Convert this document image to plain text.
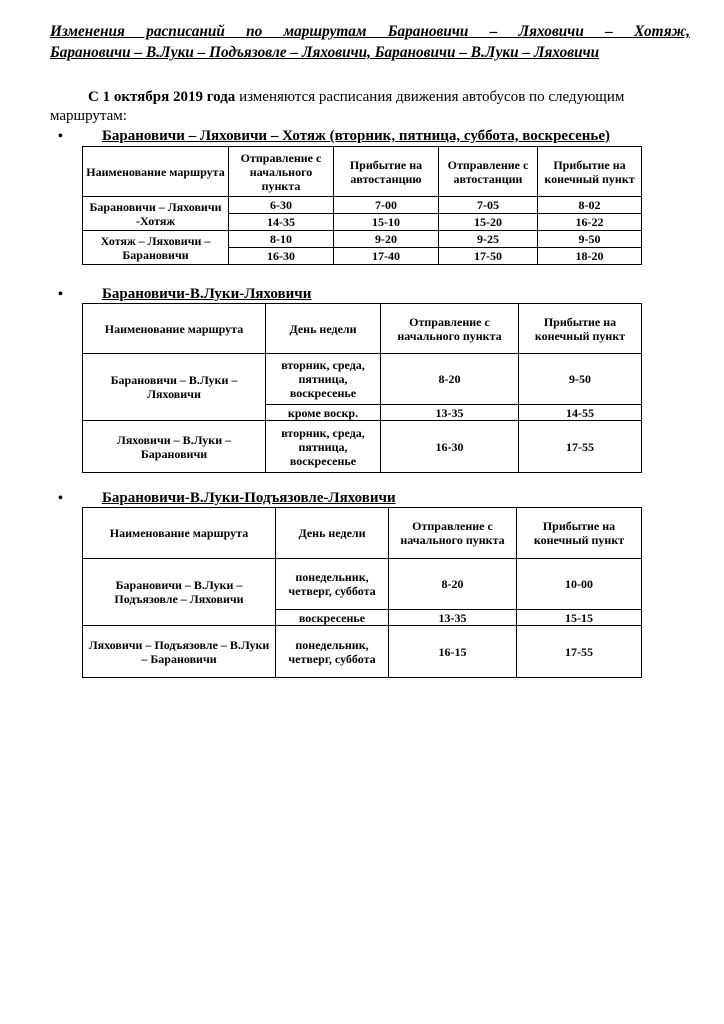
Изменения расписаний по маршрутам Барановичи – Ляховичи – Хотяж,
Барановичи – В.Луки – Подъязовле – Ляховичи, Барановичи – В.Луки – Ляховичи
С 1 октября 2019 года изменяются расписания движения автобусов по следующим
маршрутам:
•	Барановичи – Ляховичи – Хотяж (вторник, пятница, суббота, воскресенье)
Наименование маршрута	Отправление с начального пункта	Прибытие на автостанцию	Отправление с автостанции	Прибытие на конечный пункт
Барановичи – Ляховичи -Хотяж	6-30	7-00	7-05	8-02
	14-35	15-10	15-20	16-22
Хотяж – Ляховичи – Барановичи	8-10	9-20	9-25	9-50
	16-30	17-40	17-50	18-20
•	Барановичи-В.Луки-Ляховичи
Наименование маршрута	День недели	Отправление с начального пункта	Прибытие на конечный пункт
Барановичи – В.Луки – Ляховичи	вторник, среда, пятница, воскресенье	8-20	9-50
	кроме воскр.	13-35	14-55
Ляховичи – В.Луки – Барановичи	вторник, среда, пятница, воскресенье	16-30	17-55
•	Барановичи-В.Луки-Подъязовле-Ляховичи
Наименование маршрута	День недели	Отправление с начального пункта	Прибытие на конечный пункт
Барановичи – В.Луки – Подъязовле – Ляховичи	понедельник, четверг, суббота	8-20	10-00
	воскресенье	13-35	15-15
Ляховичи – Подъязовле – В.Луки – Барановичи	понедельник, четверг, суббота	16-15	17-55
